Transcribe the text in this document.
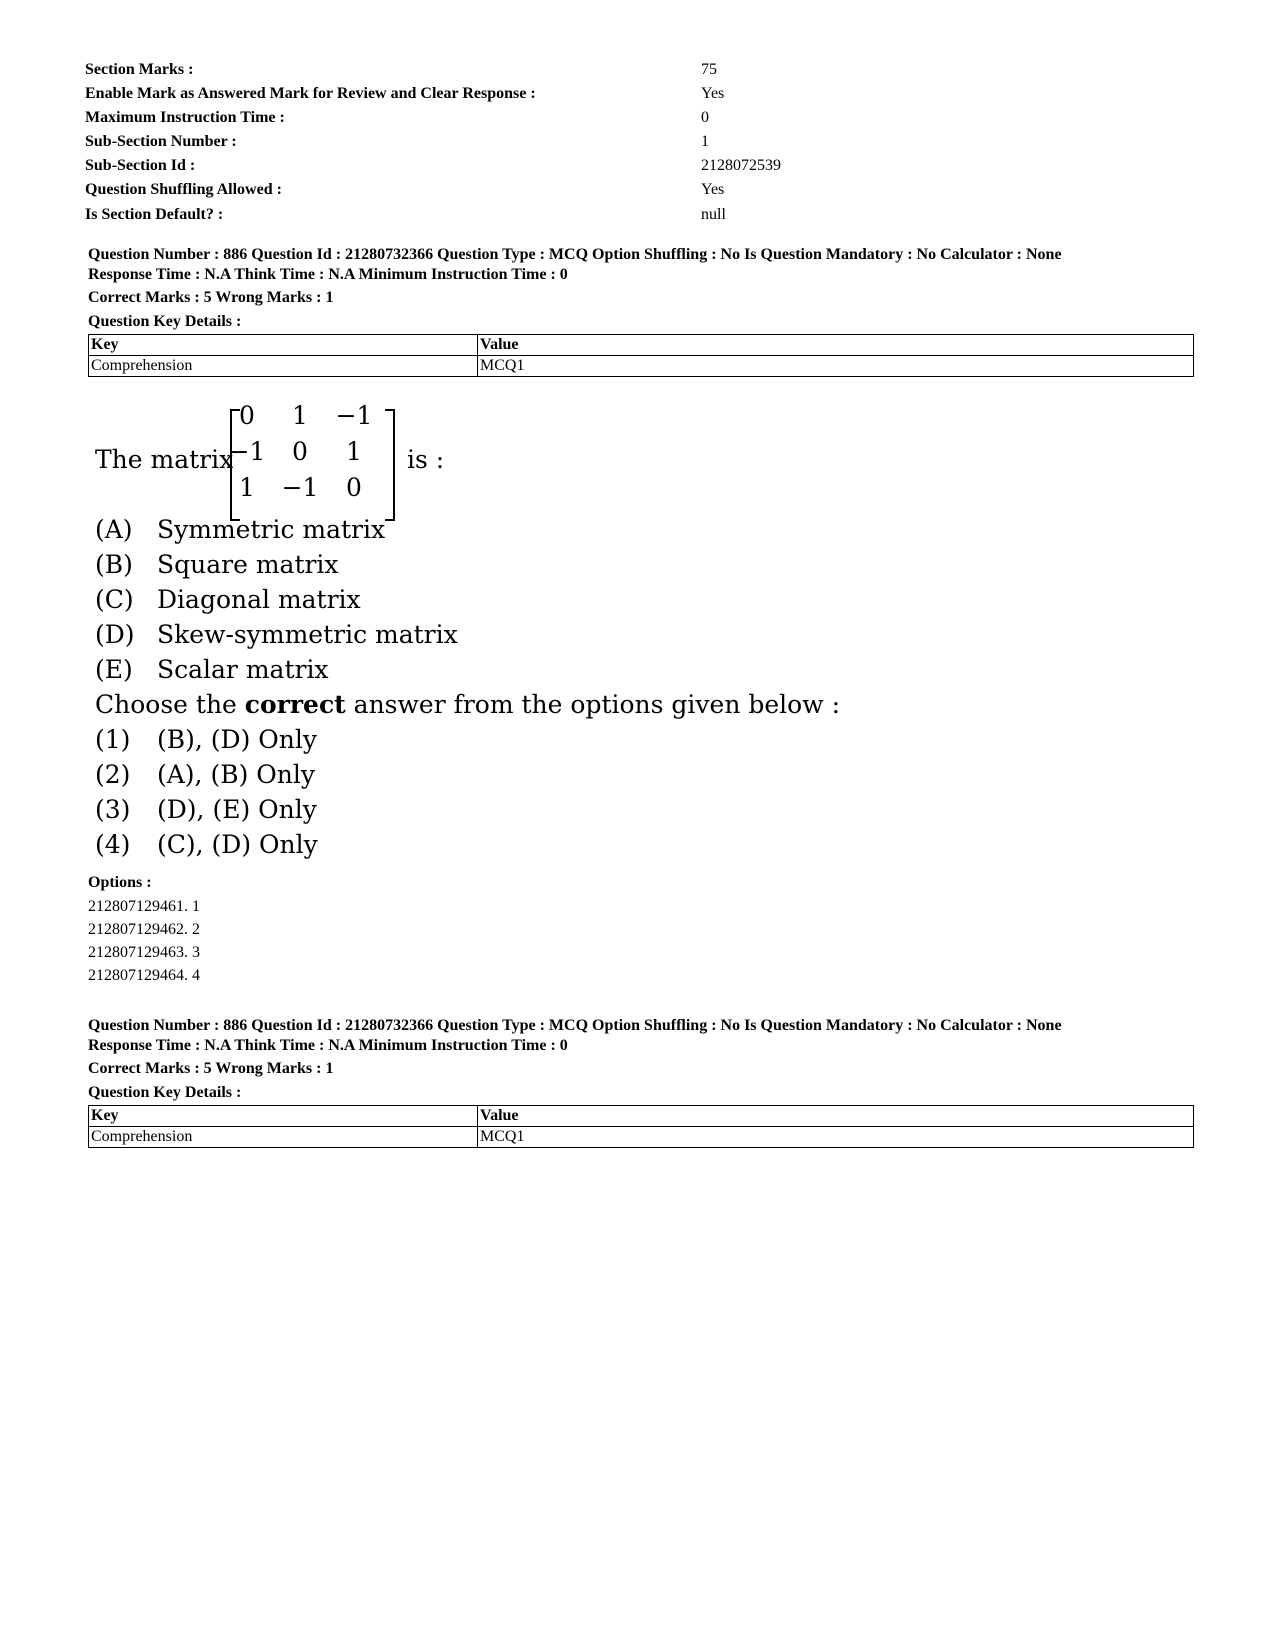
Section Marks :	75
Enable Mark as Answered Mark for Review and Clear Response :	Yes
Maximum Instruction Time :	0
Sub-Section Number :	1
Sub-Section Id :	2128072539
Question Shuffling Allowed :	Yes
Is Section Default? :	null
Question Number : 886 Question Id : 21280732366 Question Type : MCQ Option Shuffling : No Is Question Mandatory : No Calculator : None
Response Time : N.A Think Time : N.A Minimum Instruction Time : 0
Correct Marks : 5 Wrong Marks : 1
Question Key Details :
Key	Value
Comprehension	MCQ1
The matrix
0	1	−1
−1	0	1
1	−1	0
is :
(A) Symmetric matrix
(B) Square matrix
(C) Diagonal matrix
(D) Skew-symmetric matrix
(E) Scalar matrix
Choose the correct answer from the options given below :
(1) (B), (D) Only
(2) (A), (B) Only
(3) (D), (E) Only
(4) (C), (D) Only
Options :
212807129461. 1
212807129462. 2
212807129463. 3
212807129464. 4
Question Number : 886 Question Id : 21280732366 Question Type : MCQ Option Shuffling : No Is Question Mandatory : No Calculator : None
Response Time : N.A Think Time : N.A Minimum Instruction Time : 0
Correct Marks : 5 Wrong Marks : 1
Question Key Details :
Key	Value
Comprehension	MCQ1
